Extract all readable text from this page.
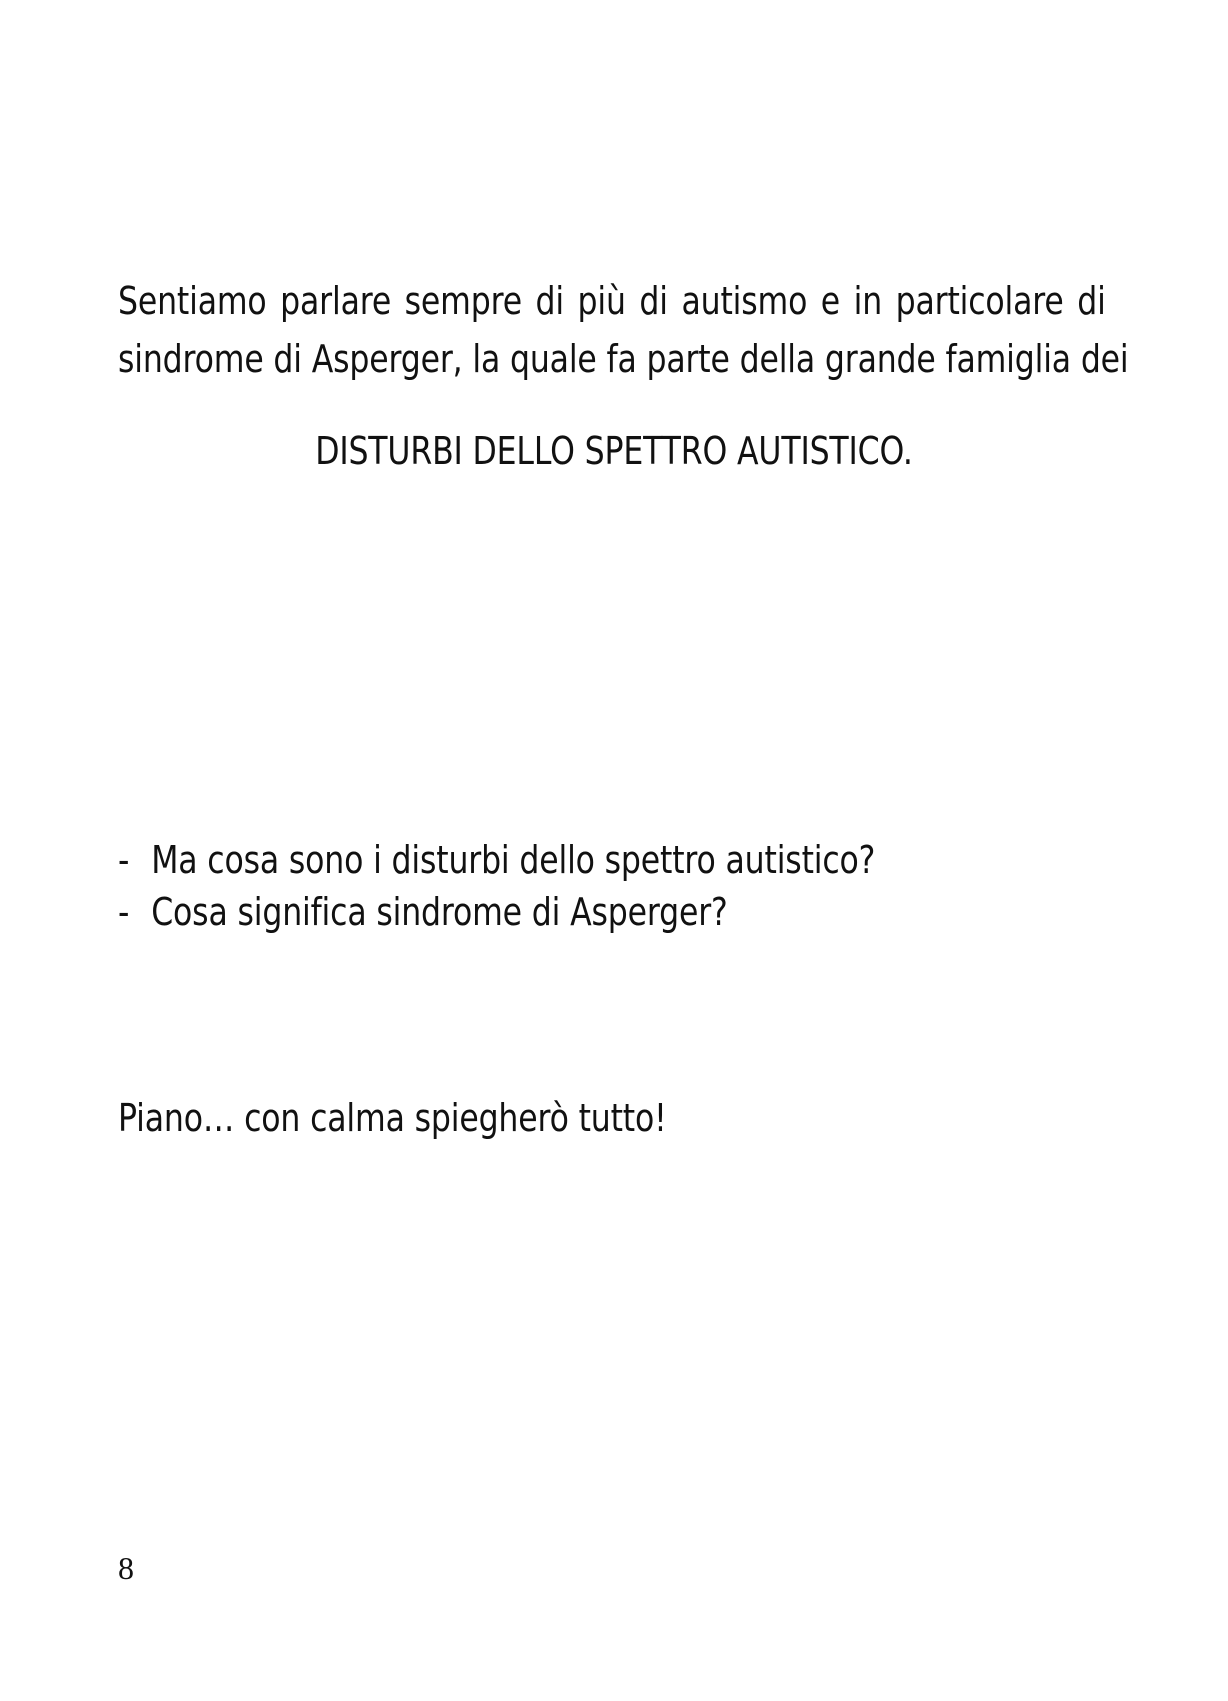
Sentiamo parlare sempre di più di autismo e in particolare di
sindrome di Asperger, la quale fa parte della grande famiglia dei

DISTURBI DELLO SPETTRO AUTISTICO.

- Ma cosa sono i disturbi dello spettro autistico?
- Cosa significa sindrome di Asperger?

Piano… con calma spiegherò tutto!

8
